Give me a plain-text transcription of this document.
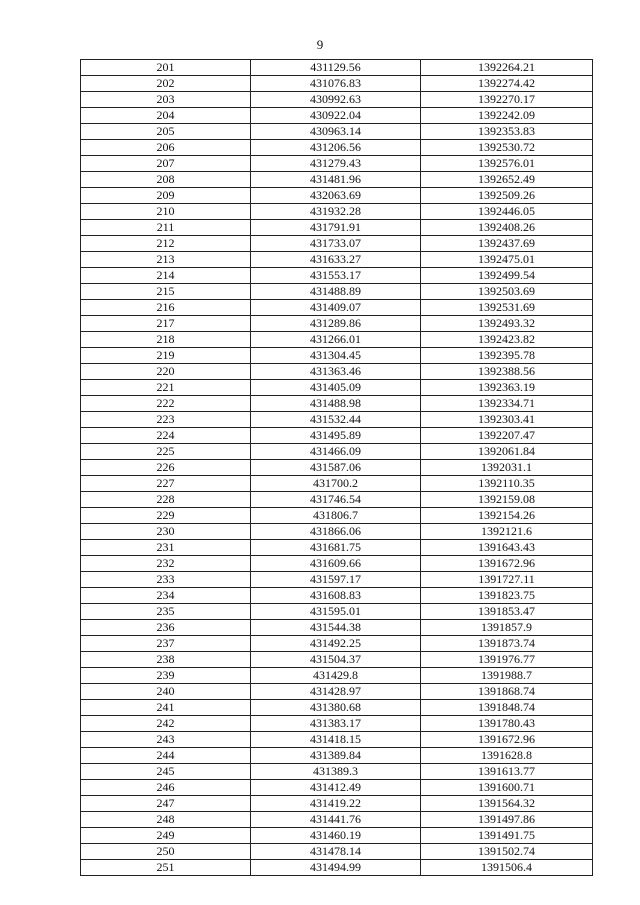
9
201	431129.56	1392264.21
202	431076.83	1392274.42
203	430992.63	1392270.17
204	430922.04	1392242.09
205	430963.14	1392353.83
206	431206.56	1392530.72
207	431279.43	1392576.01
208	431481.96	1392652.49
209	432063.69	1392509.26
210	431932.28	1392446.05
211	431791.91	1392408.26
212	431733.07	1392437.69
213	431633.27	1392475.01
214	431553.17	1392499.54
215	431488.89	1392503.69
216	431409.07	1392531.69
217	431289.86	1392493.32
218	431266.01	1392423.82
219	431304.45	1392395.78
220	431363.46	1392388.56
221	431405.09	1392363.19
222	431488.98	1392334.71
223	431532.44	1392303.41
224	431495.89	1392207.47
225	431466.09	1392061.84
226	431587.06	1392031.1
227	431700.2	1392110.35
228	431746.54	1392159.08
229	431806.7	1392154.26
230	431866.06	1392121.6
231	431681.75	1391643.43
232	431609.66	1391672.96
233	431597.17	1391727.11
234	431608.83	1391823.75
235	431595.01	1391853.47
236	431544.38	1391857.9
237	431492.25	1391873.74
238	431504.37	1391976.77
239	431429.8	1391988.7
240	431428.97	1391868.74
241	431380.68	1391848.74
242	431383.17	1391780.43
243	431418.15	1391672.96
244	431389.84	1391628.8
245	431389.3	1391613.77
246	431412.49	1391600.71
247	431419.22	1391564.32
248	431441.76	1391497.86
249	431460.19	1391491.75
250	431478.14	1391502.74
251	431494.99	1391506.4
